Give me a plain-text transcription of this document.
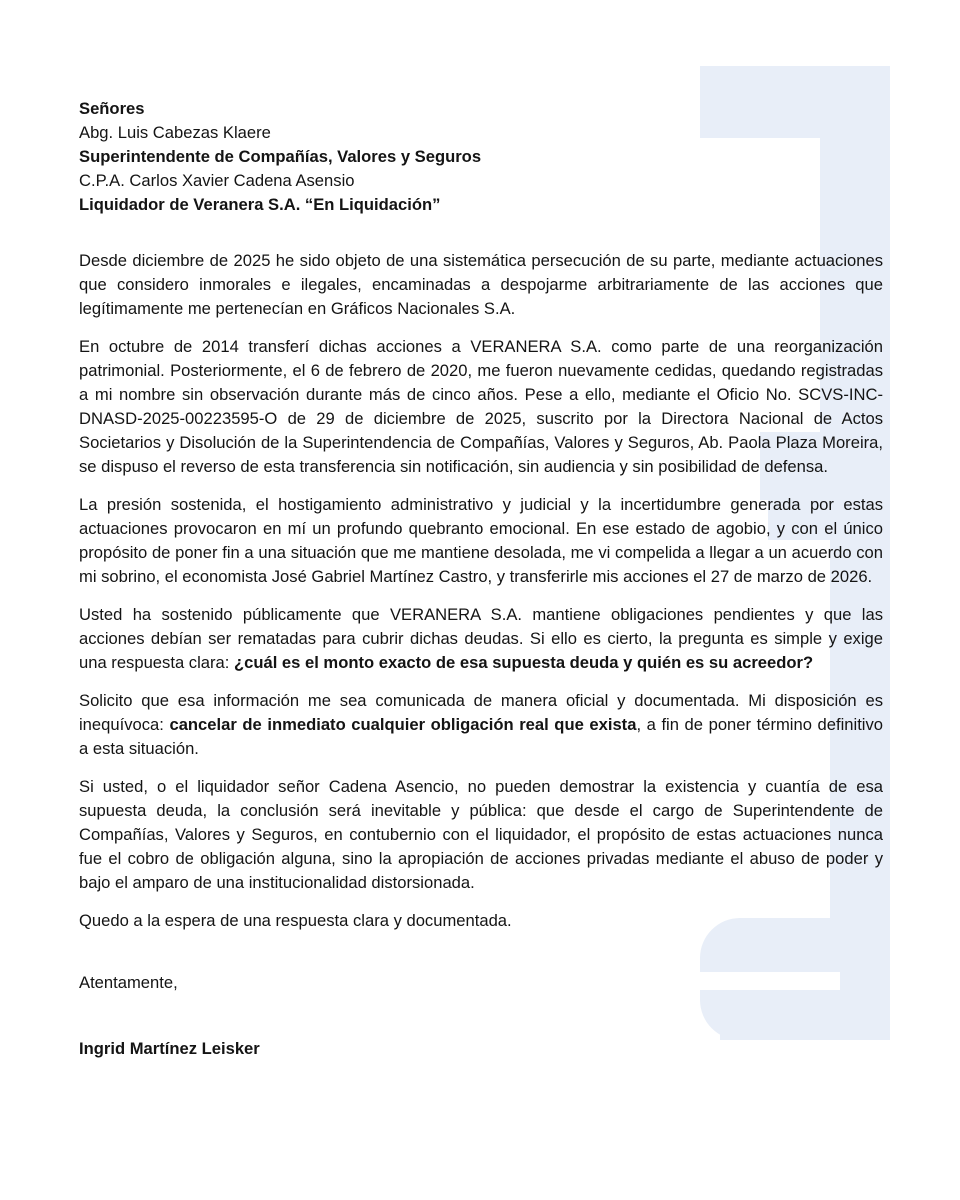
Señores

Abg. Luis Cabezas Klaere

Superintendente de Compañías, Valores y Seguros

C.P.A. Carlos Xavier Cadena Asensio

Liquidador de Veranera S.A. “En Liquidación”

Desde diciembre de 2025 he sido objeto de una sistemática persecución de su parte, mediante actuaciones que considero inmorales e ilegales, encaminadas a despojarme arbitrariamente de las acciones que legítimamente me pertenecían en Gráficos Nacionales S.A.

En octubre de 2014 transferí dichas acciones a VERANERA S.A. como parte de una reorganización patrimonial. Posteriormente, el 6 de febrero de 2020, me fueron nuevamente cedidas, quedando registradas a mi nombre sin observación durante más de cinco años. Pese a ello, mediante el Oficio No. SCVS-INC-DNASD-2025-00223595-O de 29 de diciembre de 2025, suscrito por la Directora Nacional de Actos Societarios y Disolución de la Superintendencia de Compañías, Valores y Seguros, Ab. Paola Plaza Moreira, se dispuso el reverso de esta transferencia sin notificación, sin audiencia y sin posibilidad de defensa.

La presión sostenida, el hostigamiento administrativo y judicial y la incertidumbre generada por estas actuaciones provocaron en mí un profundo quebranto emocional. En ese estado de agobio, y con el único propósito de poner fin a una situación que me mantiene desolada, me vi compelida a llegar a un acuerdo con mi sobrino, el economista José Gabriel Martínez Castro, y transferirle mis acciones el 27 de marzo de 2026.

Usted ha sostenido públicamente que VERANERA S.A. mantiene obligaciones pendientes y que las acciones debían ser rematadas para cubrir dichas deudas. Si ello es cierto, la pregunta es simple y exige una respuesta clara: ¿cuál es el monto exacto de esa supuesta deuda y quién es su acreedor?

Solicito que esa información me sea comunicada de manera oficial y documentada. Mi disposición es inequívoca: cancelar de inmediato cualquier obligación real que exista, a fin de poner término definitivo a esta situación.

Si usted, o el liquidador señor Cadena Asencio, no pueden demostrar la existencia y cuantía de esa supuesta deuda, la conclusión será inevitable y pública: que desde el cargo de Superintendente de Compañías, Valores y Seguros, en contubernio con el liquidador, el propósito de estas actuaciones nunca fue el cobro de obligación alguna, sino la apropiación de acciones privadas mediante el abuso de poder y bajo el amparo de una institucionalidad distorsionada.

Quedo a la espera de una respuesta clara y documentada.

Atentamente,
Ingrid Martínez Leisker
